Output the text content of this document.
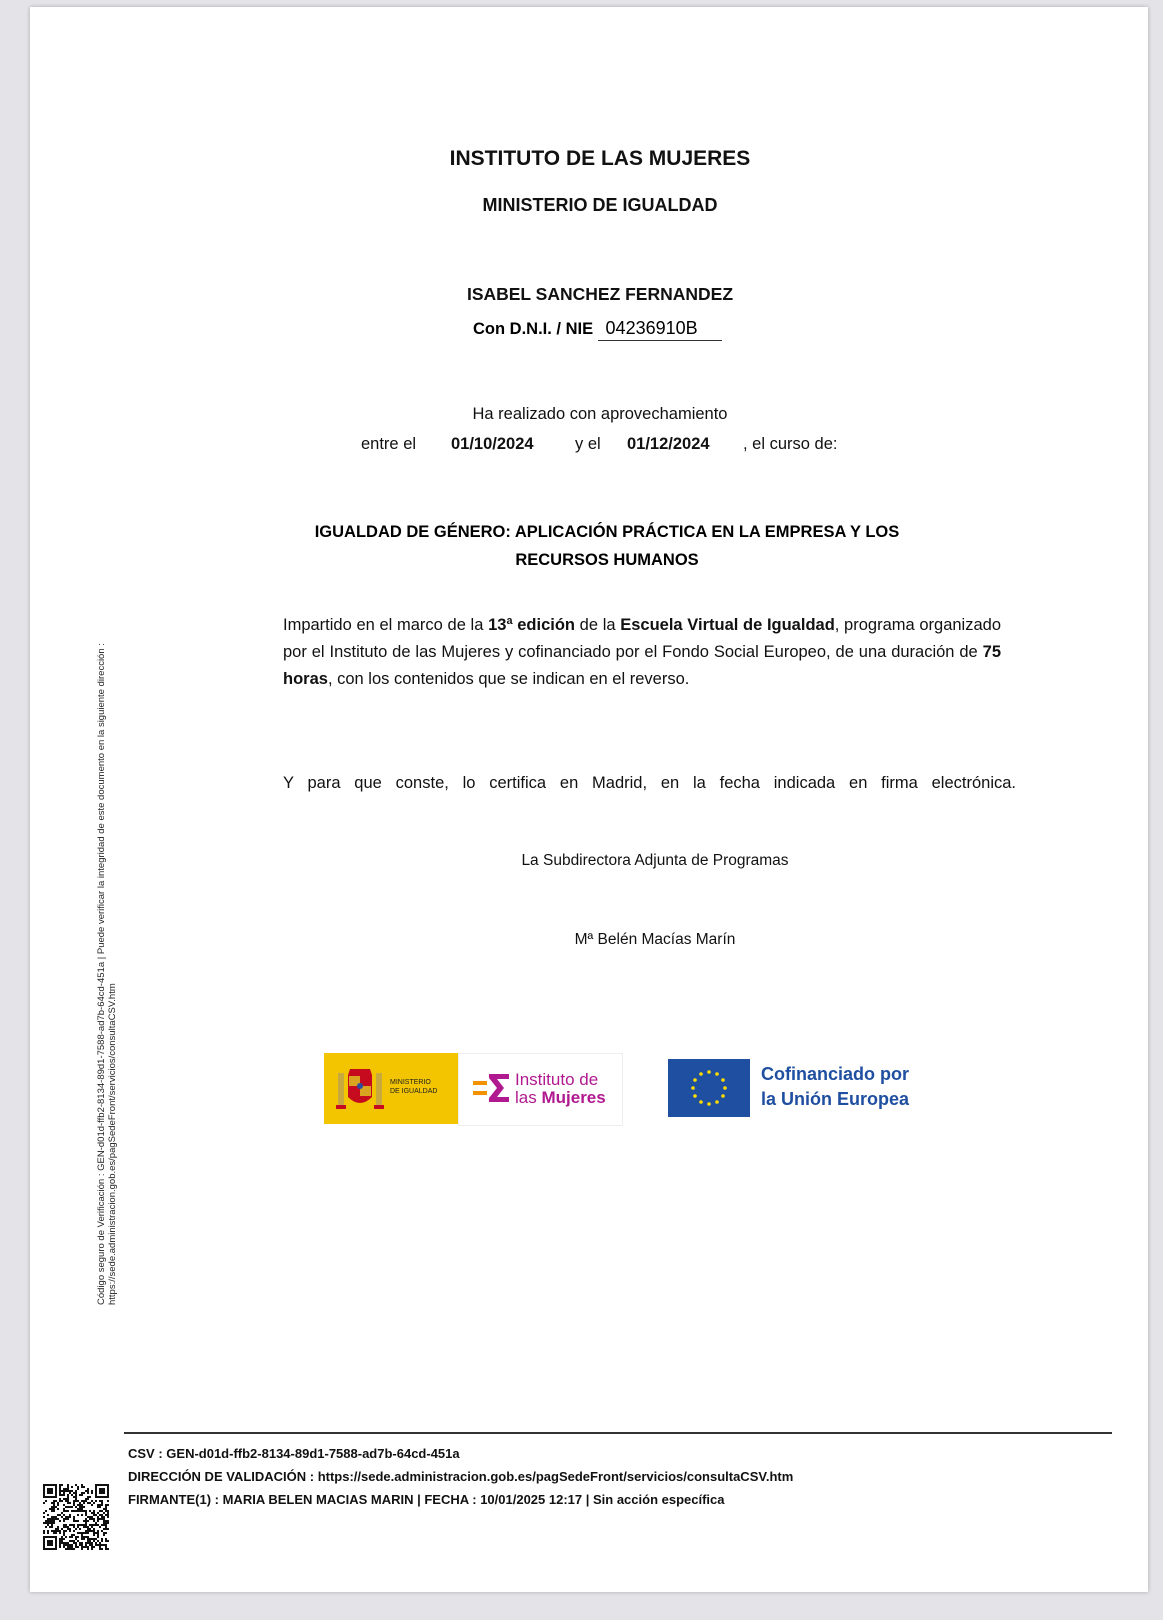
INSTITUTO DE LAS MUJERES
MINISTERIO DE IGUALDAD
ISABEL SANCHEZ FERNANDEZ
Con D.N.I. / NIE 04236910B
Ha realizado con aprovechamiento
entre el 01/10/2024	y el 01/12/2024 , el curso de:
IGUALDAD DE GÉNERO: APLICACIÓN PRÁCTICA EN LA EMPRESA Y LOS
RECURSOS HUMANOS
Impartido en el marco de la 13ª edición de la Escuela Virtual de Igualdad, programa organizado por el Instituto de las Mujeres y cofinanciado por el Fondo Social Europeo, de una duración de 75 horas, con los contenidos que se indican en el reverso.
Y para que conste, lo certifica en Madrid, en la fecha indicada en firma electrónica.
La Subdirectora Adjunta de Programas
Mª Belén Macías Marín
MINISTERIO
DE IGUALDAD
Instituto de
las Mujeres
Cofinanciado por
la Unión Europea
Código seguro de Verificación : GEN-d01d-ffb2-8134-89d1-7588-ad7b-64cd-451a | Puede verificar la integridad de este documento en la siguiente dirección : https://sede.administracion.gob.es/pagSedeFront/servicios/consultaCSV.htm
CSV : GEN-d01d-ffb2-8134-89d1-7588-ad7b-64cd-451a
DIRECCIÓN DE VALIDACIÓN : https://sede.administracion.gob.es/pagSedeFront/servicios/consultaCSV.htm
FIRMANTE(1) : MARIA BELEN MACIAS MARIN | FECHA : 10/01/2025 12:17 | Sin acción específica
